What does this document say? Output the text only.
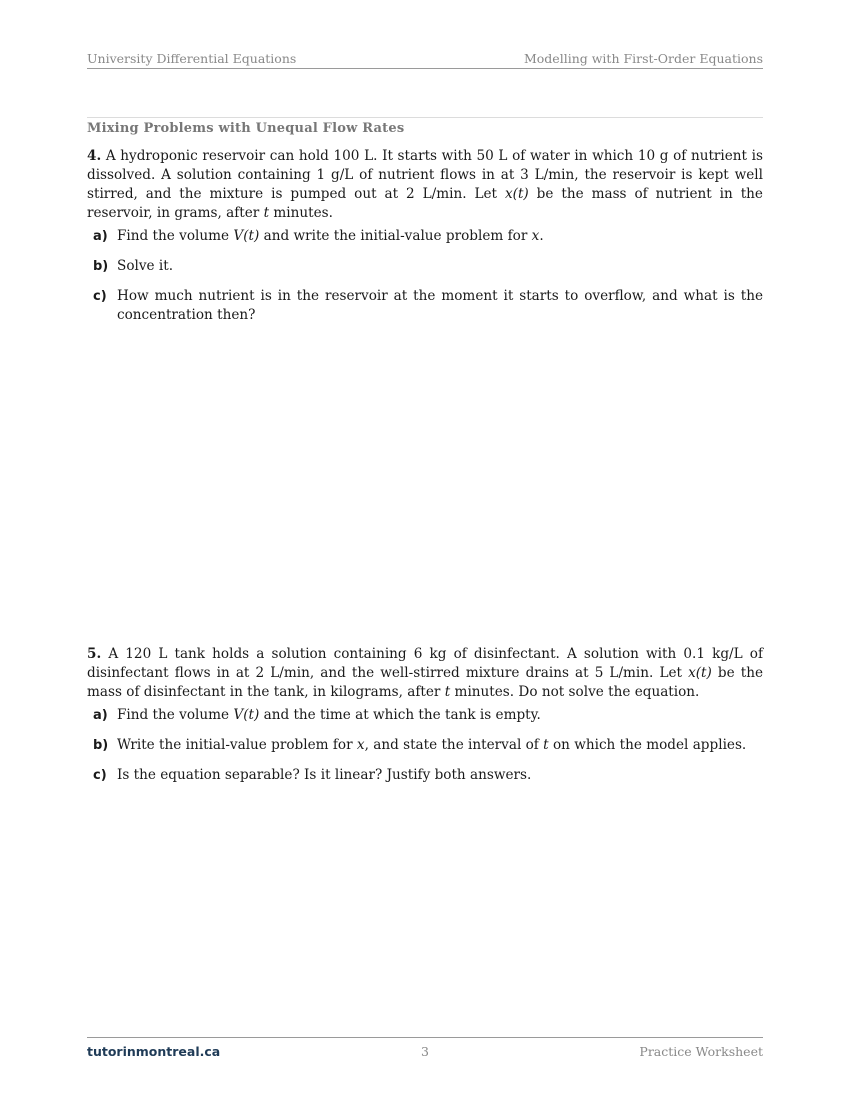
University Differential Equations	Modelling with First-Order Equations
Mixing Problems with Unequal Flow Rates
4. A hydroponic reservoir can hold 100 L. It starts with 50 L of water in which 10 g of nutrient is dissolved. A solution containing 1 g/L of nutrient flows in at 3 L/min, the reservoir is kept well stirred, and the mixture is pumped out at 2 L/min. Let x(t) be the mass of nutrient in the reservoir, in grams, after t minutes.
a) Find the volume V(t) and write the initial-value problem for x.
b) Solve it.
c) How much nutrient is in the reservoir at the moment it starts to overflow, and what is the concentration then?
5. A 120 L tank holds a solution containing 6 kg of disinfectant. A solution with 0.1 kg/L of disinfectant flows in at 2 L/min, and the well-stirred mixture drains at 5 L/min. Let x(t) be the mass of disinfectant in the tank, in kilograms, after t minutes. Do not solve the equation.
a) Find the volume V(t) and the time at which the tank is empty.
b) Write the initial-value problem for x, and state the interval of t on which the model applies.
c) Is the equation separable? Is it linear? Justify both answers.
tutorinmontreal.ca	3	Practice Worksheet
